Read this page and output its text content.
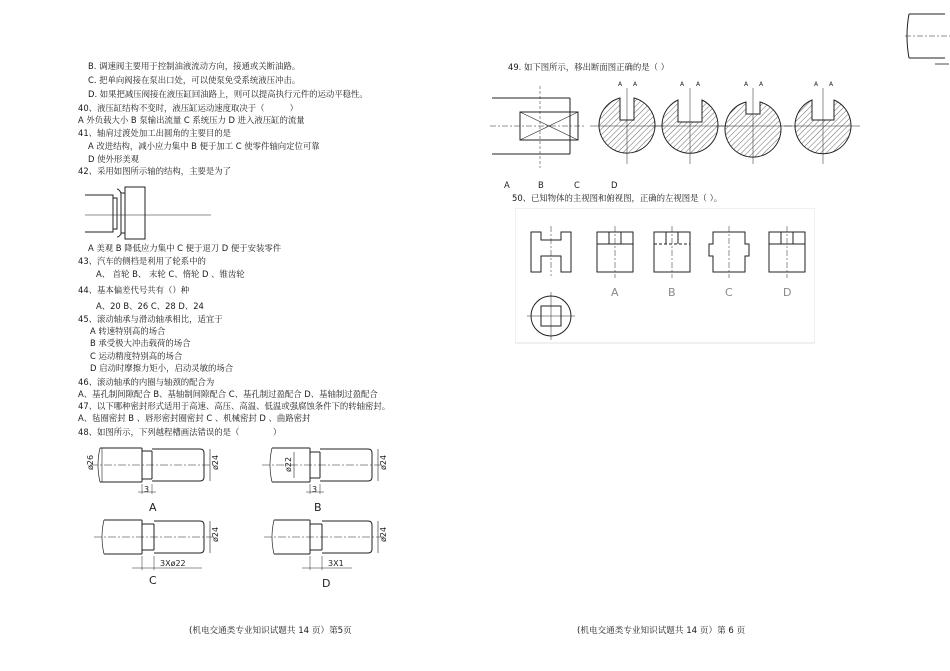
B. 调速阀主要用于控制油液流动方向，接通或关断油路。
C. 把单向阀接在泵出口处，可以使泵免受系统液压冲击。
D. 如果把减压阀接在液压缸回油路上，则可以提高执行元件的运动平稳性。
40、液压缸结构不变时，液压缸运动速度取决于（　　　）
A 外负载大小 B 泵输出流量 C 系统压力 D 进入液压缸的流量
41、轴肩过渡处加工出圆角的主要目的是
A 改进结构，减小应力集中 B 便于加工 C 使零件轴向定位可靠
D 使外形美观
42、采用如图所示轴的结构，主要是为了
A 美观 B 降低应力集中 C 便于退刀 D 便于安装零件
43、汽车的侧档是利用了轮系中的
A、 首轮 B、 末轮 C、惰轮 D 、锥齿轮
44、基本偏差代号共有（）种
A、20 B、26 C、28 D、24
45、滚动轴承与滑动轴承相比，适宜于
A 转速特别高的场合
B 承受极大冲击载荷的场合
C 运动精度特别高的场合
D 启动时摩擦力矩小，启动灵敏的场合
46、滚动轴承的内圈与轴颈的配合为
A、基孔制间隙配合 B、基轴制间隙配合 C、基孔制过盈配合 D、基轴制过盈配合
47、以下哪种密封形式适用于高速、高压、高温、低温或强腐蚀条件下的转轴密封。
A、毡圈密封 B 、唇形密封圈密封 C 、机械密封 D 、曲路密封
48、如图所示，下列越程槽画法错误的是（　　　　）
ø26	ø24
3
ø22	ø24
3
ø24
3Xø22
ø24
3X1
A	B
C	D
(机电交通类专业知识试题共 14 页）第5页
49. 如下图所示，移出断面图正确的是（ ）
A A	A A	A A	A A
A	B	C	D
50、已知物体的主视图和俯视图，正确的左视图是（ ）。
A	B	C	D
(机电交通类专业知识试题共 14 页）第 6 页
